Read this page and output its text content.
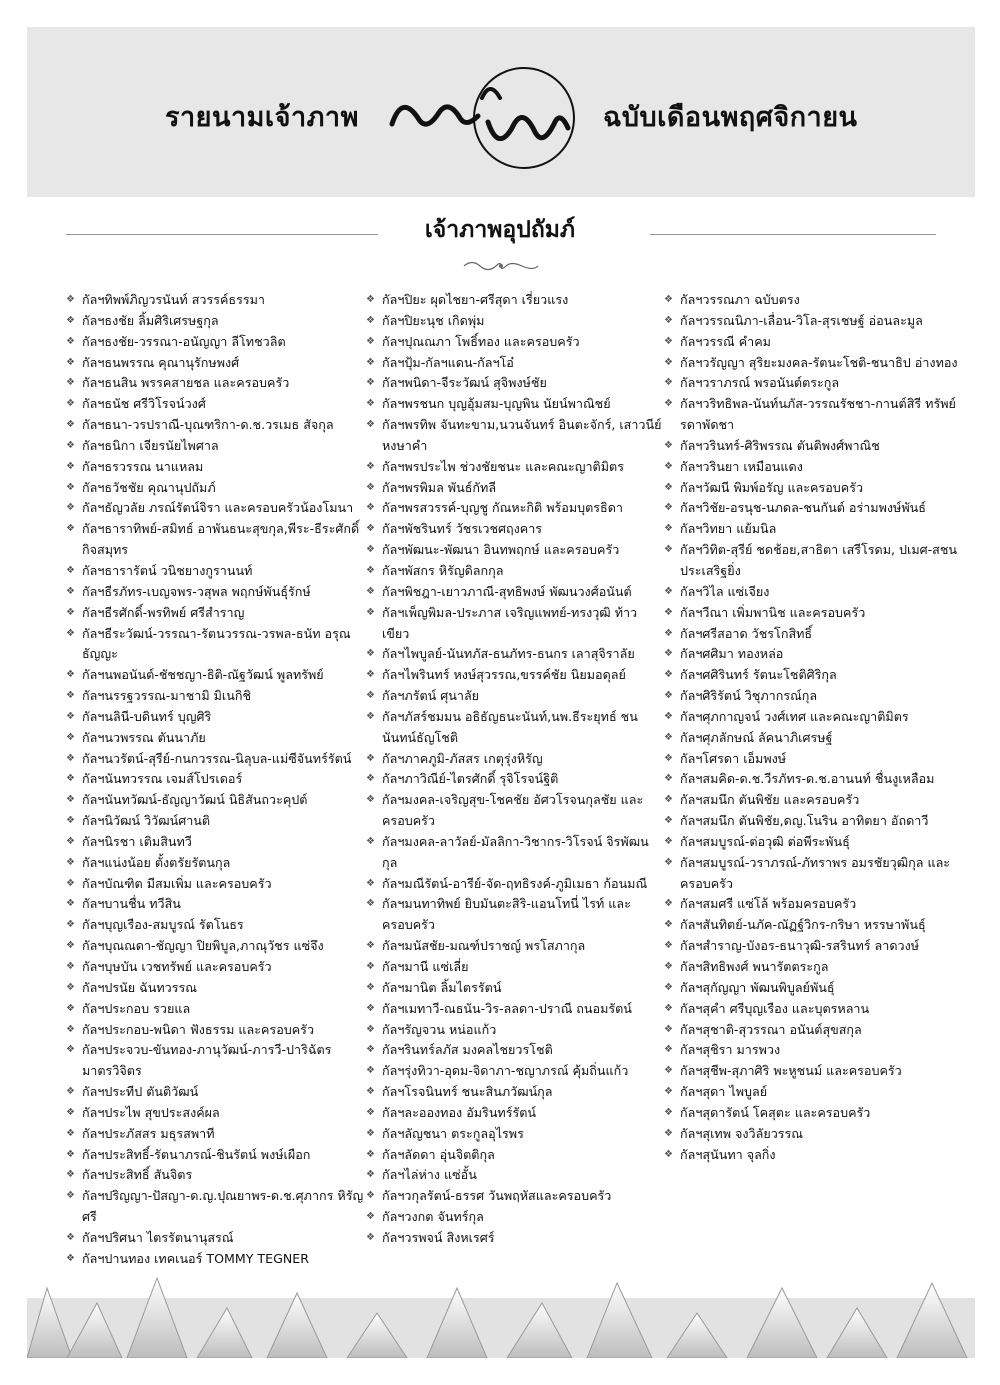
รายนามเจ้าภาพ	ฉบับเดือนพฤศจิกายน
เจ้าภาพอุปถัมภ์
❖ กัลฯทิพพ์ภิญวรนันท์ สวรรค์ธรรมา
❖ กัลฯธงชัย ลิ้มศิริเศรษฐกุล
❖ กัลฯธงชัย-วรรณา-อนัญญา ลีโทชวลิต
❖ กัลฯธนพรรณ คุณานุรักษพงศ์
❖ กัลฯธนสิน พรรคสายชล และครอบครัว
❖ กัลฯธนัช ศรีวิโรจน์วงศ์
❖ กัลฯธนา-วรปราณี-บุณฑริกา-ด.ช.วรเมธ สัจกุล
❖ กัลฯธนิกา เจียรนัยไพศาล
❖ กัลฯธรวรรณ นาแหลม
❖ กัลฯธวัชชัย คุณานุปถัมภ์
❖ กัลฯธัญวลัย ภรณ์รัตน์จิรา และครอบครัวน้องโมนา
❖ กัลฯธาราทิพย์-สมิทธ์ อาพันธนะสุขกุล,พีระ-ธีระศักดิ์ กิจสมุทร
❖ กัลฯธารารัตน์ วนิชยางกูรานนท์
❖ กัลฯธีรภัทร-เบญจพร-วสุพล พฤกษ์พันธุ์รักษ์
❖ กัลฯธีรศักดิ์-พรทิพย์ ศรีสำราญ
❖ กัลฯธีระวัฒน์-วรรณา-รัตนวรรณ-วรพล-ธนัท อรุณธัญญะ
❖ กัลฯนพอนันต์-ชัชชญา-ธิติ-ณัฐวัฒน์ พูลทรัพย์
❖ กัลฯนรรฐวรรณ-มาชามิ มิเนกิชิ
❖ กัลฯนลินี-บดินทร์ บุญศิริ
❖ กัลฯนวพรรณ ตันนาภัย
❖ กัลฯนวรัตน์-สุรีย์-กนกวรรณ-นิลุบล-แม่ซีจันทร์รัตน์
❖ กัลฯนันทวรรณ เจมส์โปรเดอร์
❖ กัลฯนันทวัฒน์-ธัญญาวัฒน์ นิธิสันถวะคุปต์
❖ กัลฯนิวัฒน์ วิวัฒน์ศานติ
❖ กัลฯนิรชา เติมสินทวี
❖ กัลฯแน่งน้อย ตั้งตรัยรัตนกุล
❖ กัลฯบัณฑิต มีสมเพิ่ม และครอบครัว
❖ กัลฯบานชื่น ทวีสิน
❖ กัลฯบุญเรือง-สมบูรณ์ รัตโนธร
❖ กัลฯบุณณดา-ชัญญา ปิยพิบูล,ภาณุวัชร แซ่จึง
❖ กัลฯบุษบัน เวชทรัพย์ และครอบครัว
❖ กัลฯปรนัย ฉันทวรรณ
❖ กัลฯประกอบ รวยแล
❖ กัลฯประกอบ-พนิดา ฟังธรรม และครอบครัว
❖ กัลฯประจวบ-ขันทอง-ภานุวัฒน์-ภารวี-ปาริฉัตร มาตรวิจิตร
❖ กัลฯประทีป ตันติวัฒน์
❖ กัลฯประไพ สุขประสงค์ผล
❖ กัลฯประภัสสร มธุรสพาที
❖ กัลฯประสิทธิ์-รัตนาภรณ์-ชินรัตน์ พงษ์เผือก
❖ กัลฯประสิทธิ์ สันจิตร
❖ กัลฯปริญญา-ปัสญา-ด.ญ.ปุณยาพร-ด.ช.ศุภากร หิรัญศรี
❖ กัลฯปริศนา ไตรรัตนานุสรณ์
❖ กัลฯปานทอง เทคเนอร์ TOMMY TEGNER
❖ กัลฯปิยะ ผุดไชยา-ศรีสุดา เรี่ยวแรง
❖ กัลฯปิยะนุช เกิดพุ่ม
❖ กัลฯปุณณภา โพธิ์ทอง และครอบครัว
❖ กัลฯปุ้ม-กัลฯแดน-กัลฯโอ๋
❖ กัลฯพนิดา-จีระวัฒน์ สุจิพงษ์ชัย
❖ กัลฯพรชนก บุญอุ้มสม-บุญพิน นัยน์พาณิชย์
❖ กัลฯพรทิพ จันทะขาม,นวนจันทร์ อินตะจักร์, เสาวนีย์ หงษาคำ
❖ กัลฯพรประไพ ช่วงชัยชนะ และคณะญาติมิตร
❖ กัลฯพรพิมล พันธ์กัทลี
❖ กัลฯพรสวรรค์-บุญชู กัณหะกิติ พร้อมบุตรธิดา
❖ กัลฯพัชรินทร์ วัชรเวชศฤงคาร
❖ กัลฯพัฒนะ-พัฒนา อินทพฤกษ์ และครอบครัว
❖ กัลฯพัสกร หิรัญดิลกกุล
❖ กัลฯพิชฎา-เยาวภาณี-สุทธิพงษ์ พัฒนวงศ์อนันต์
❖ กัลฯเพ็ญพิมล-ประภาส เจริญแพทย์-ทรงวุฒิ ท้าวเขียว
❖ กัลฯไพบูลย์-นันทภัส-ธนภัทร-ธนกร เลาสุจิราลัย
❖ กัลฯไพรินทร์ หงษ์สุวรรณ,ขรรค์ชัย นิยมอดุลย์
❖ กัลฯภรัตน์ ศุนาลัย
❖ กัลฯภัสร์ชมมน อธิธัญธนะนันท์,นพ.ธีระยุทธ์ ชนนันทน์ธัญโชติ
❖ กัลฯภาคภูมิ-ภัสสร เกตุรุ่งหิรัญ
❖ กัลฯภาวิณีย์-ไตรศักดิ์ รุจิโรจน์ฐิติ
❖ กัลฯมงคล-เจริญสุข-โชคชัย อัศวโรจนกุลชัย และครอบครัว
❖ กัลฯมงคล-ลาวัลย์-มัลลิกา-วิชากร-วิโรจน์ จิรพัฒนกุล
❖ กัลฯมณีรัตน์-อารีย์-จัด-ฤทธิรงค์-ภูมิเมธา ก้อนมณี
❖ กัลฯมนทาทิพย์ ยิบมันตะสิริ-แอนโทนี่ ไรท์ และครอบครัว
❖ กัลฯมนัสชัย-มณฑ์ปราชญ์ พรโสภากุล
❖ กัลฯมานี แซ่เลี่ย
❖ กัลฯมานิต ลิ้มไตรรัตน์
❖ กัลฯเมทาวี-ณธนัน-วิร-ลลดา-ปราณี ถนอมรัตน์
❖ กัลฯรัญจวน หน่อแก้ว
❖ กัลฯรินทร์ลภัส มงคลไชยวรโชติ
❖ กัลฯรุ่งทิวา-อุดม-จิดาภา-ชญาภรณ์ คุ้มถิ่นแก้ว
❖ กัลฯโรจนินทร์ ชนะสินภวัฒน์กุล
❖ กัลฯละอองทอง อัมรินทร์รัตน์
❖ กัลฯลัญชนา ตระกูลอุไรพร
❖ กัลฯลัดดา อุ่นจิตติกุล
❖ กัลฯไล่ห่าง แซ่อั้น
❖ กัลฯวกุลรัตน์-ธรรศ วันพฤหัสและครอบครัว
❖ กัลฯวงกต จันทร์กุล
❖ กัลฯวรพจน์ สิงหเรศร์
❖ กัลฯวรรณภา ฉบับตรง
❖ กัลฯวรรณนิภา-เลื่อน-วิโล-สุรเชษฐ์ อ่อนละมูล
❖ กัลฯวรรณี คำคม
❖ กัลฯวรัญญา สุริยะมงคล-รัตนะโชติ-ชนาธิป อ่างทอง
❖ กัลฯวราภรณ์ พรอนันต์ตระกูล
❖ กัลฯวริทธิพล-นันท์นภัส-วรรณรัชชา-กานต์สิรี ทรัพย์รดาพัดชา
❖ กัลฯวรินทร์-ศิริพรรณ ตันติพงศ์พาณิช
❖ กัลฯวรินยา เหมือนแดง
❖ กัลฯวัฒนี พิมพ์อรัญ และครอบครัว
❖ กัลฯวิชัย-อรนุช-นภดล-ชนกันต์ อร่ามพงษ์พันธ์
❖ กัลฯวิทยา แย้มนิล
❖ กัลฯวิทิต-สุรีย์ ชดช้อย,สาธิตา เสรีโรดม, ปเมศ-สชน ประเสริฐยิ่ง
❖ กัลฯวิไล แซ่เจียง
❖ กัลฯวีณา เพิ่มพานิช และครอบครัว
❖ กัลฯศรีสอาด วัชรโกสิทธิ์
❖ กัลฯศศิมา ทองหล่อ
❖ กัลฯศศิรินทร์ รัตนะโชติศิริกุล
❖ กัลฯศิริรัตน์ วิชุภากรณ์กุล
❖ กัลฯศุภกาญจน์ วงศ์เทศ และคณะญาติมิตร
❖ กัลฯศุภลักษณ์ ลัคนาภิเศรษฐ์
❖ กัลฯโศรดา เอ็มพงษ์
❖ กัลฯสมคิด-ด.ช.วีรภัทร-ด.ช.อานนท์ ชื่นงูเหลือม
❖ กัลฯสมนึก ตันพิชัย และครอบครัว
❖ กัลฯสมนึก ตันพิชัย,ดญ.โนริน อาทิตยา อัถดาวี
❖ กัลฯสมบูรณ์-ต่อวุฒิ ต่อพีระพันธุ์
❖ กัลฯสมบูรณ์-วราภรณ์-ภัทราพร อมรชัยวุฒิกุล และครอบครัว
❖ กัลฯสมศรี แซ่โล้ พร้อมครอบครัว
❖ กัลฯสันทิตย์-นภัค-ณัฏฐ์วิกร-กริษา หรรษาพันธุ์
❖ กัลฯสำราญ-บังอร-ธนาวุฒิ-รสรินทร์ ลาดวงษ์
❖ กัลฯสิทธิพงศ์ พนารัตตระกูล
❖ กัลฯสุกัญญา พัฒนพิบูลย์พันธุ์
❖ กัลฯสุคำ ศรีบุญเรือง และบุตรหลาน
❖ กัลฯสุชาติ-สุวรรณา อนันต์สุขสกุล
❖ กัลฯสุชิรา มารพวง
❖ กัลฯสุชีพ-สุภาศิริ พะหูชนม์ และครอบครัว
❖ กัลฯสุดา ไพบูลย์
❖ กัลฯสุดารัตน์ โคสุตะ และครอบครัว
❖ กัลฯสุเทพ จงวิลัยวรรณ
❖ กัลฯสุนันทา จุลกิ่ง
